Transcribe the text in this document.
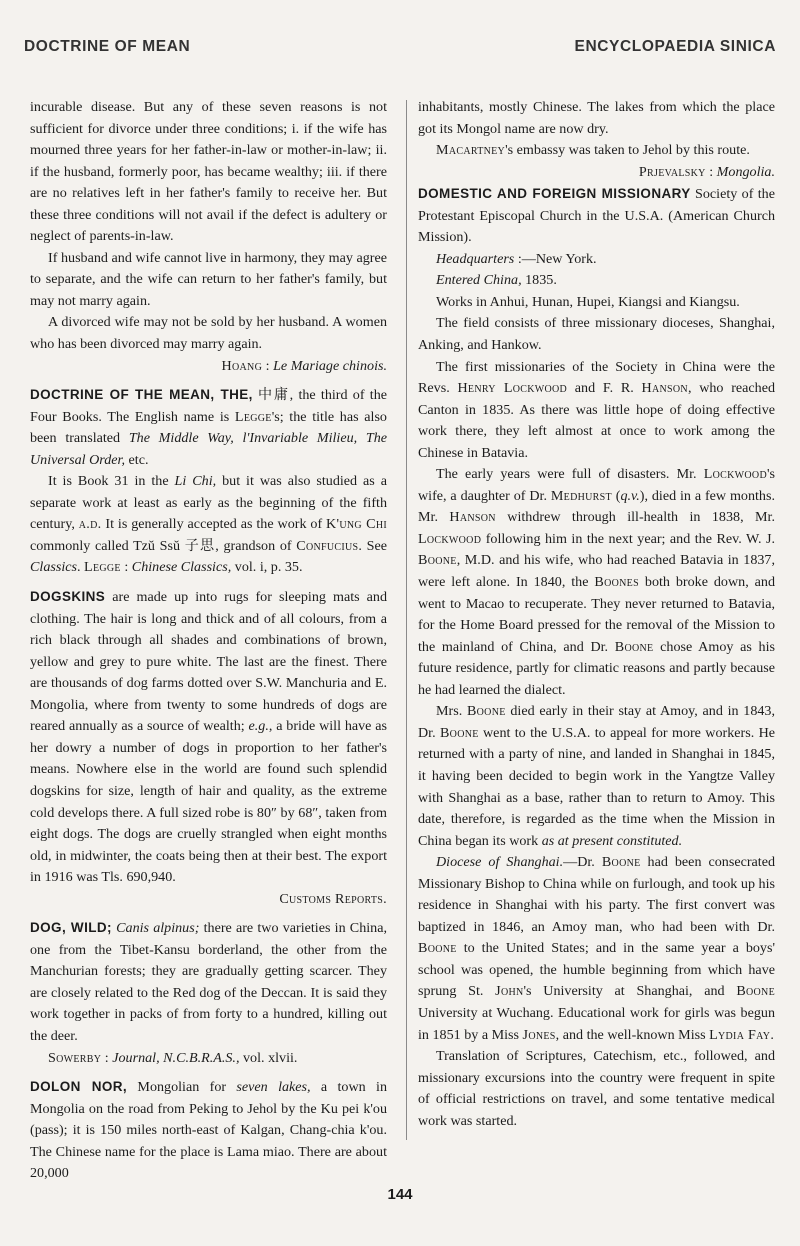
DOCTRINE OF MEAN	ENCYCLOPAEDIA SINICA

incurable disease. But any of these seven reasons is not sufficient for divorce under three conditions; i. if the wife has mourned three years for her father-in-law or mother-in-law; ii. if the husband, formerly poor, has became wealthy; iii. if there are no relatives left in her father's family to receive her. But these three conditions will not avail if the defect is adultery or neglect of parents-in-law.

If husband and wife cannot live in harmony, they may agree to separate, and the wife can return to her father's family, but may not marry again.

A divorced wife may not be sold by her husband. A women who has been divorced may marry again.
Hoang : Le Mariage chinois.

DOCTRINE OF THE MEAN, THE, 中庸, the third of the Four Books. The English name is Legge's; the title has also been translated The Middle Way, l'Invariable Milieu, The Universal Order, etc.

It is Book 31 in the Li Chi, but it was also studied as a separate work at least as early as the beginning of the fifth century, a.d. It is generally accepted as the work of K'ung Chi commonly called Tzŭ Ssŭ 子思, grandson of Confucius. See Classics. Legge : Chinese Classics, vol. i, p. 35.

DOGSKINS are made up into rugs for sleeping mats and clothing. The hair is long and thick and of all colours, from a rich black through all shades and combinations of brown, yellow and grey to pure white. The last are the finest. There are thousands of dog farms dotted over S.W. Manchuria and E. Mongolia, where from twenty to some hundreds of dogs are reared annually as a source of wealth; e.g., a bride will have as her dowry a number of dogs in proportion to her father's means. Nowhere else in the world are found such splendid dogskins for size, length of hair and quality, as the extreme cold develops there. A full sized robe is 80″ by 68″, taken from eight dogs. The dogs are cruelly strangled when eight months old, in midwinter, the coats being then at their best. The export in 1916 was Tls. 690,940.
Customs Reports.

DOG, WILD; Canis alpinus; there are two varieties in China, one from the Tibet-Kansu borderland, the other from the Manchurian forests; they are gradually getting scarcer. They are closely related to the Red dog of the Deccan. It is said they work together in packs of from forty to a hundred, killing out the deer.

Sowerby : Journal, N.C.B.R.A.S., vol. xlvii.

DOLON NOR, Mongolian for seven lakes, a town in Mongolia on the road from Peking to Jehol by the Ku pei k'ou (pass); it is 150 miles north-east of Kalgan, Chang-chia k'ou. The Chinese name for the place is Lama miao. There are about 20,000

inhabitants, mostly Chinese. The lakes from which the place got its Mongol name are now dry.

Macartney's embassy was taken to Jehol by this route.
Prjevalsky : Mongolia.

DOMESTIC AND FOREIGN MISSIONARY Society of the Protestant Episcopal Church in the U.S.A. (American Church Mission).

Headquarters :—New York.

Entered China, 1835.

Works in Anhui, Hunan, Hupei, Kiangsi and Kiangsu.

The field consists of three missionary dioceses, Shanghai, Anking, and Hankow.

The first missionaries of the Society in China were the Revs. Henry Lockwood and F. R. Hanson, who reached Canton in 1835. As there was little hope of doing effective work there, they left almost at once to work among the Chinese in Batavia.

The early years were full of disasters. Mr. Lockwood's wife, a daughter of Dr. Medhurst (q.v.), died in a few months. Mr. Hanson withdrew through ill-health in 1838, Mr. Lockwood following him in the next year; and the Rev. W. J. Boone, M.D. and his wife, who had reached Batavia in 1837, were left alone. In 1840, the Boones both broke down, and went to Macao to recuperate. They never returned to Batavia, for the Home Board pressed for the removal of the Mission to the mainland of China, and Dr. Boone chose Amoy as his future residence, partly for climatic reasons and partly because he had learned the dialect.

Mrs. Boone died early in their stay at Amoy, and in 1843, Dr. Boone went to the U.S.A. to appeal for more workers. He returned with a party of nine, and landed in Shanghai in 1845, it having been decided to begin work in the Yangtze Valley with Shanghai as a base, rather than to return to Amoy. This date, therefore, is regarded as the time when the Mission in China began its work as at present constituted.

Diocese of Shanghai.—Dr. Boone had been consecrated Missionary Bishop to China while on furlough, and took up his residence in Shanghai with his party. The first convert was baptized in 1846, an Amoy man, who had been with Dr. Boone to the United States; and in the same year a boys' school was opened, the humble beginning from which have sprung St. John's University at Shanghai, and Boone University at Wuchang. Educational work for girls was begun in 1851 by a Miss Jones, and the well-known Miss Lydia Fay.

Translation of Scriptures, Catechism, etc., followed, and missionary excursions into the country were frequent in spite of official restrictions on travel, and some tentative medical work was started.

144
